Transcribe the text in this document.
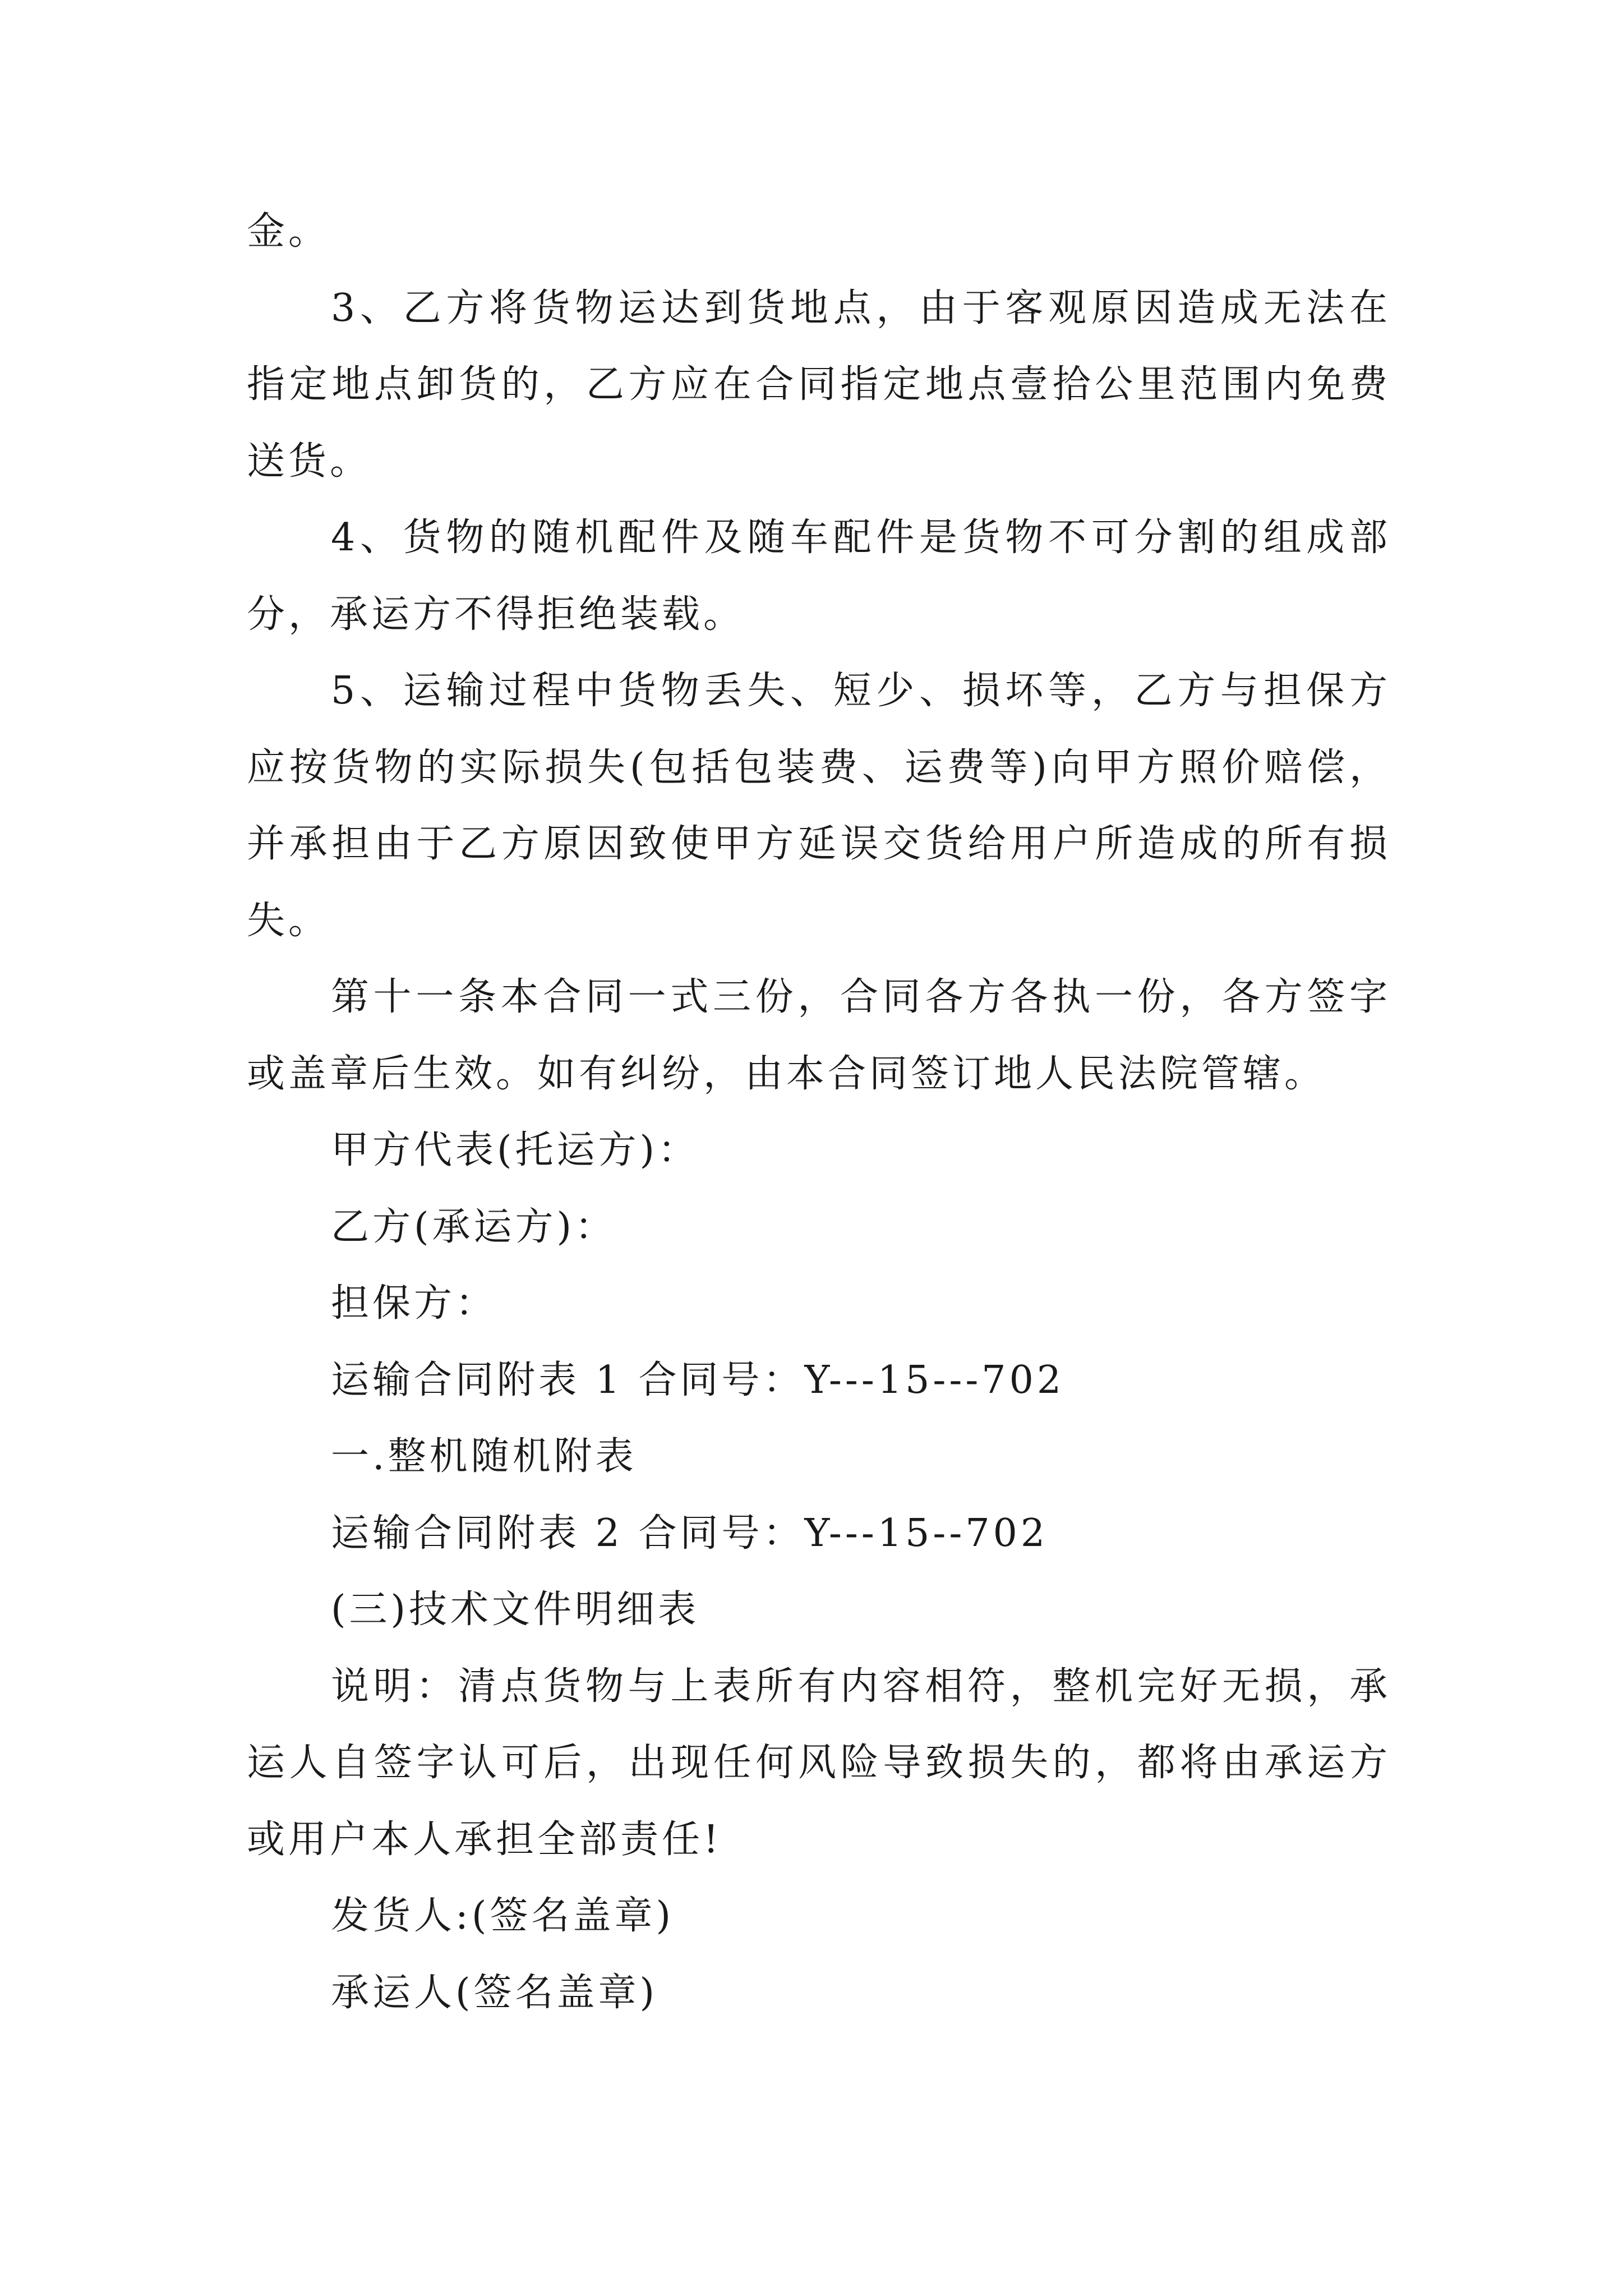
金。

3、乙方将货物运达到货地点，由于客观原因造成无法在指定地点卸货的，乙方应在合同指定地点壹拾公里范围内免费送货。

4、货物的随机配件及随车配件是货物不可分割的组成部分，承运方不得拒绝装载。

5、运输过程中货物丢失、短少、损坏等，乙方与担保方应按货物的实际损失(包括包装费、运费等)向甲方照价赔偿，并承担由于乙方原因致使甲方延误交货给用户所造成的所有损失。

第十一条本合同一式三份，合同各方各执一份，各方签字或盖章后生效。如有纠纷，由本合同签订地人民法院管辖。

甲方代表(托运方)：

乙方(承运方)：

担保方：

运输合同附表 1 合同号：Y---15---702

一.整机随机附表

运输合同附表 2 合同号：Y---15--702

(三)技术文件明细表

说明：清点货物与上表所有内容相符，整机完好无损，承运人自签字认可后，出现任何风险导致损失的，都将由承运方或用户本人承担全部责任!

发货人:(签名盖章)

承运人(签名盖章)
